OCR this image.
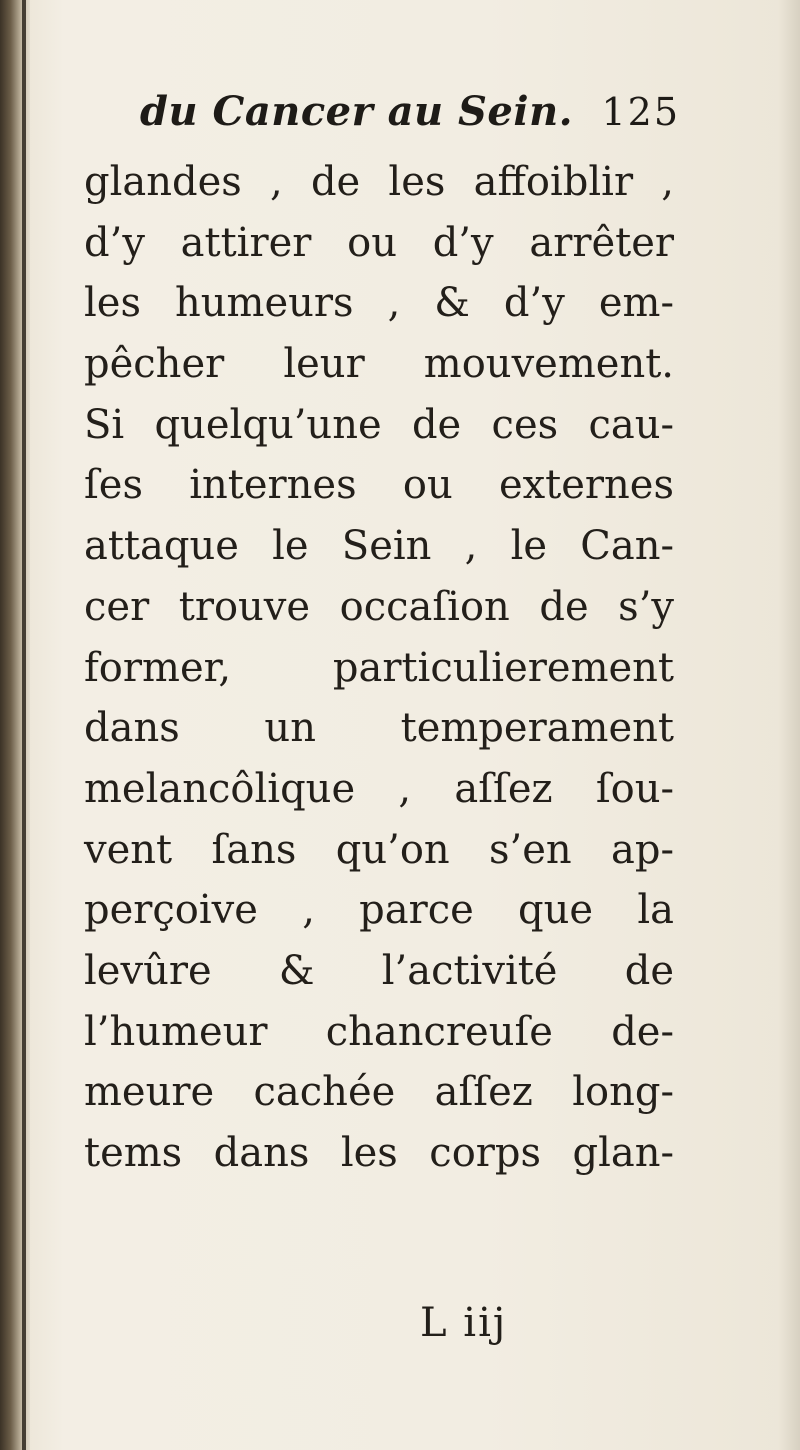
du Cancer au Sein. 125
glandes , de les affoiblir ,
d’y attirer ou d’y arrêter
les humeurs , & d’y em-
pêcher leur mouvement.
Si quelqu’une de ces cau-
ſes internes ou externes
attaque le Sein , le Can-
cer trouve occaſion de s’y
former, particulierement
dans un temperament
melancôlique , aſſez ſou-
vent ſans qu’on s’en ap-
perçoive , parce que la
levûre & l’activité de
l’humeur chancreuſe de-
meure cachée aſſez long-
tems dans les corps glan-
L iij
